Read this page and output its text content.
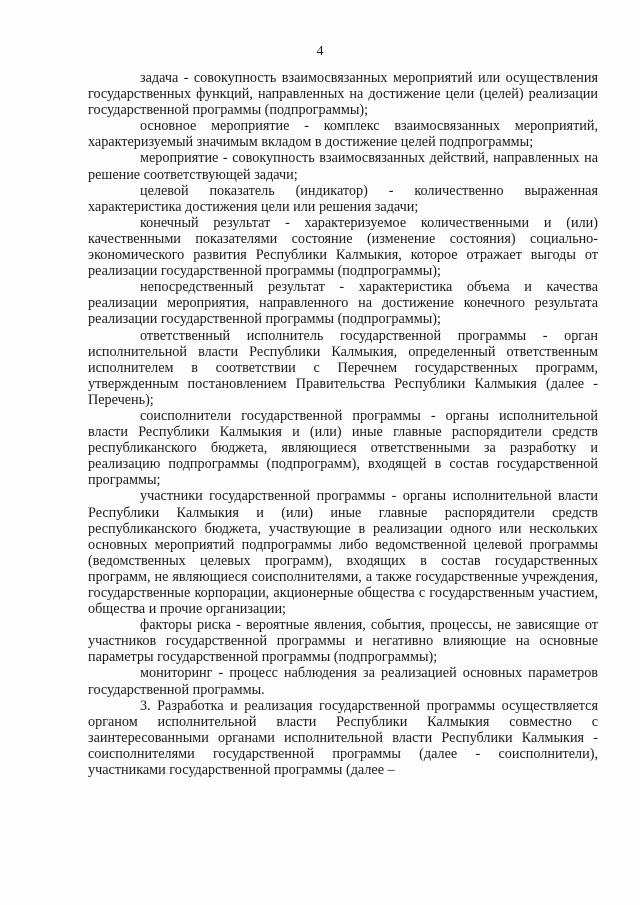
4

задача - совокупность взаимосвязанных мероприятий или осуществления государственных функций, направленных на достижение цели (целей) реализации государственной программы (подпрограммы);

основное мероприятие - комплекс взаимосвязанных мероприятий, характеризуемый значимым вкладом в достижение целей подпрограммы;

мероприятие - совокупность взаимосвязанных действий, направленных на решение соответствующей задачи;

целевой показатель (индикатор) - количественно выраженная характеристика достижения цели или решения задачи;

конечный результат - характеризуемое количественными и (или) качественными показателями состояние (изменение состояния) социально-экономического развития Республики Калмыкия, которое отражает выгоды от реализации государственной программы (подпрограммы);

непосредственный результат - характеристика объема и качества реализации мероприятия, направленного на достижение конечного результата реализации государственной программы (подпрограммы);

ответственный исполнитель государственной программы - орган исполнительной власти Республики Калмыкия, определенный ответственным исполнителем в соответствии с Перечнем государственных программ, утвержденным постановлением Правительства Республики Калмыкия (далее - Перечень);

соисполнители государственной программы - органы исполнительной власти Республики Калмыкия и (или) иные главные распорядители средств республиканского бюджета, являющиеся ответственными за разработку и реализацию подпрограммы (подпрограмм), входящей в состав государственной программы;

участники государственной программы - органы исполнительной власти Республики Калмыкия и (или) иные главные распорядители средств республиканского бюджета, участвующие в реализации одного или нескольких основных мероприятий подпрограммы либо ведомственной целевой программы (ведомственных целевых программ), входящих в состав государственных программ, не являющиеся соисполнителями, а также государственные учреждения, государственные корпорации, акционерные общества с государственным участием, общества и прочие организации;

факторы риска - вероятные явления, события, процессы, не зависящие от участников государственной программы и негативно влияющие на основные параметры государственной программы (подпрограммы);

мониторинг - процесс наблюдения за реализацией основных параметров государственной программы.

3. Разработка и реализация государственной программы осуществляется органом исполнительной власти Республики Калмыкия совместно с заинтересованными органами исполнительной власти Республики Калмыкия - соисполнителями государственной программы (далее - соисполнители), участниками государственной программы (далее –
